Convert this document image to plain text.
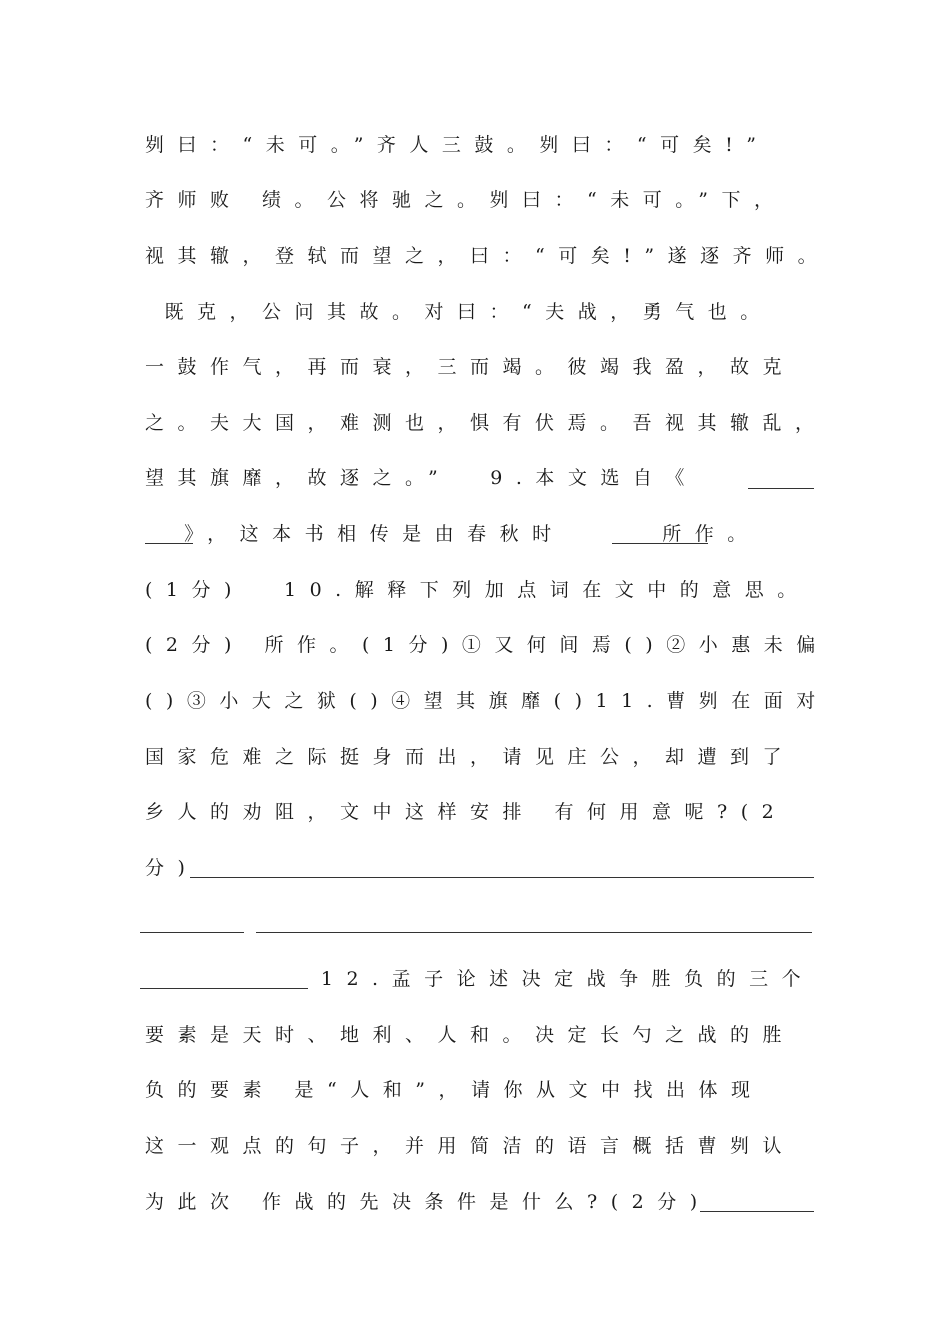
刿曰：“未可。”齐人三鼓。刿曰：“可矣!”
齐师败 绩。公将驰之。刿曰：“未可。”下，
视其辙，登轼而望之，曰：“可矣!”遂逐齐师。
既克，公问其故。对曰：“夫战，勇气也。
一鼓作气，再而衰，三而竭。彼竭我盈，故克
之。夫大国，难测也，惧有伏焉。吾视其辙乱，
望其旗靡，故逐之。”  9.本文选自《
》，这本书相传是由春秋时     所作。
(1分)  10.解释下列加点词在文中的意思。
(2分) 所作。(1分)①又何间焉()②小惠未偏
()③小大之狱()④望其旗靡()11.曹刿在面对
国家危难之际挺身而出，请见庄公，却遭到了
乡人的劝阻，文中这样安排 有何用意呢?(2
分)
12.孟子论述决定战争胜负的三个
要素是天时、地利、人和。决定长勺之战的胜
负的要素 是“人和”，请你从文中找出体现
这一观点的句子，并用简洁的语言概括曹刿认
为此次 作战的先决条件是什么?(2分)
